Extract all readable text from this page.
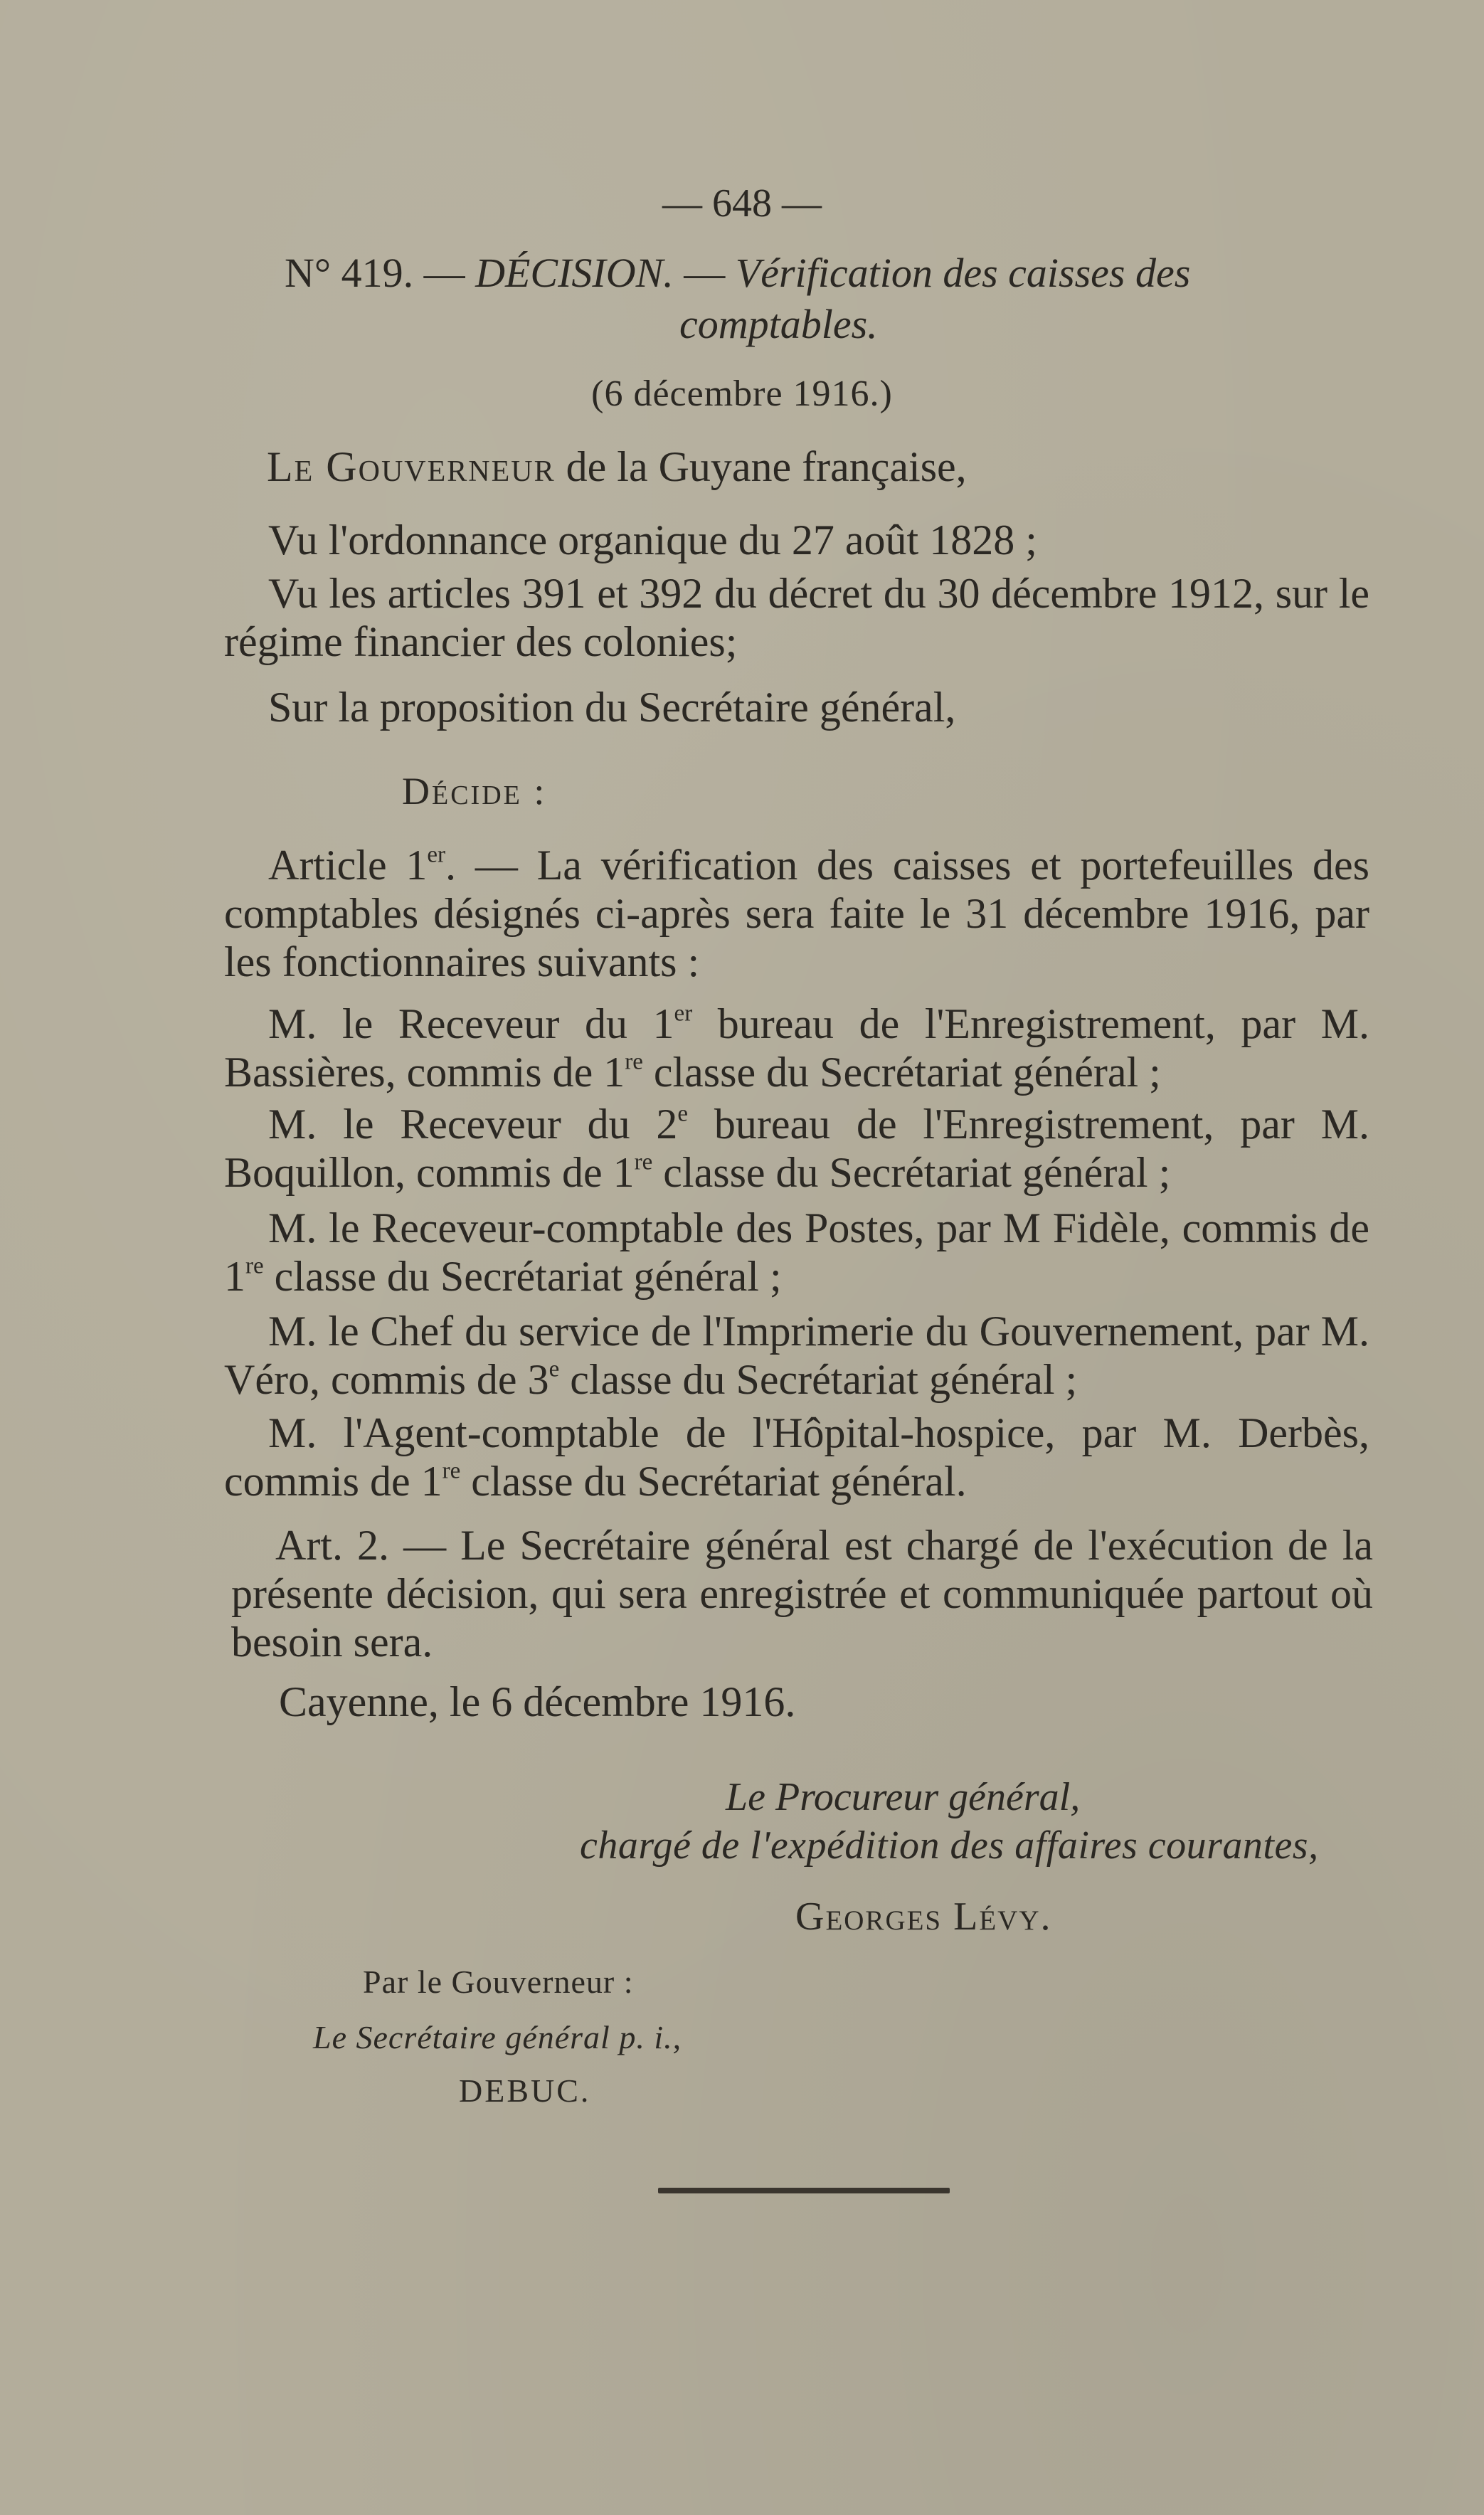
— 648 —
N° 419. — DÉCISION. — Vérification des caisses des
comptables.
(6 décembre 1916.)
Le Gouverneur de la Guyane française,
Vu l'ordonnance organique du 27 août 1828 ;
Vu les articles 391 et 392 du décret du 30 décembre 1912, sur le régime financier des colonies;
Sur la proposition du Secrétaire général,
Décide :
Article 1er. — La vérification des caisses et portefeuilles des comptables désignés ci-après sera faite le 31 décembre 1916, par les fonctionnaires suivants :
M. le Receveur du 1er bureau de l'Enregistrement, par M. Bassières, commis de 1re classe du Secrétariat général ;
M. le Receveur du 2e bureau de l'Enregistrement, par M. Boquillon, commis de 1re classe du Secrétariat général ;
M. le Receveur-comptable des Postes, par M Fidèle, commis de 1re classe du Secrétariat général ;
M. le Chef du service de l'Imprimerie du Gouvernement, par M. Véro, commis de 3e classe du Secrétariat général ;
M. l'Agent-comptable de l'Hôpital-hospice, par M. Derbès, commis de 1re classe du Secrétariat général.
Art. 2. — Le Secrétaire général est chargé de l'exécution de la présente décision, qui sera enregistrée et communiquée partout où besoin sera.
Cayenne, le 6 décembre 1916.
Le Procureur général,
chargé de l'expédition des affaires courantes,
Georges Lévy.
Par le Gouverneur :
Le Secrétaire général p. i.,
DEBUC.
